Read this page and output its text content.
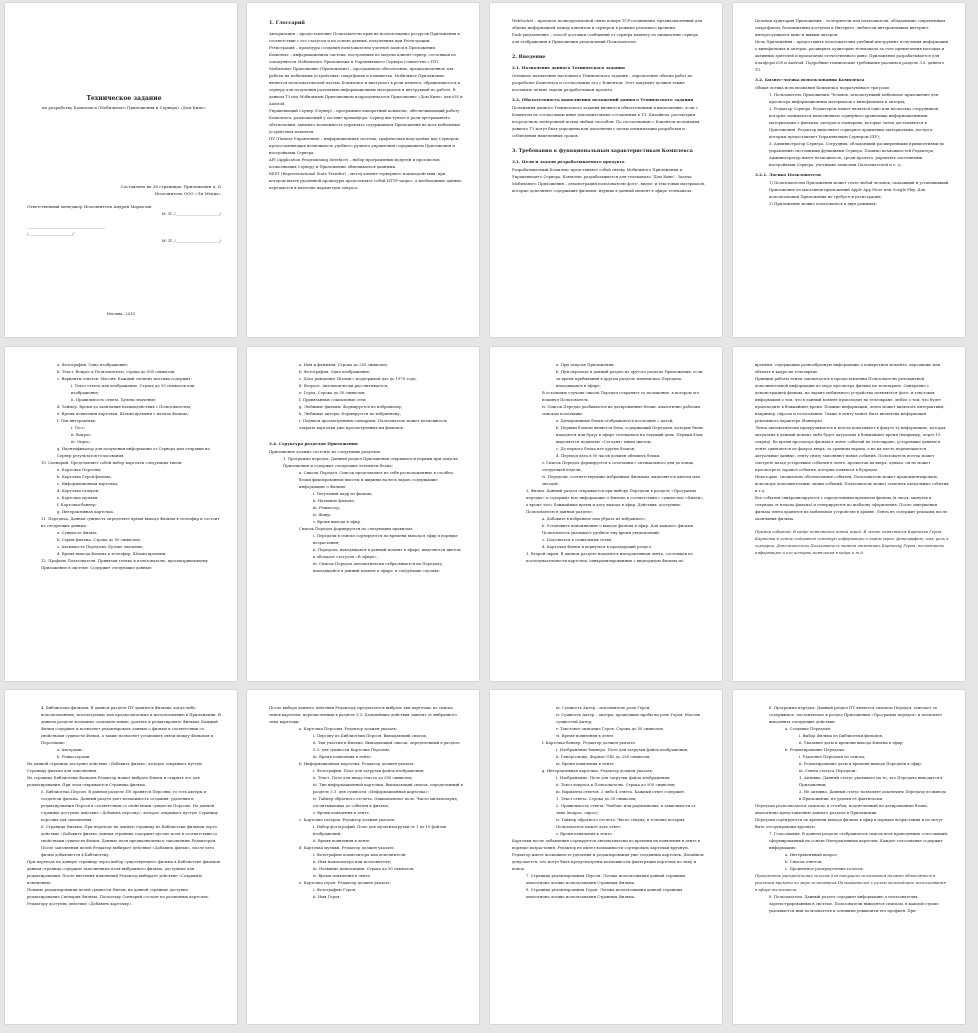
Техническое задание
на разработку Комплекса (Мобильного Приложения и Сервера) «Дом Кино»
Составлено на 38 страницах. Приложения А, Б
Исполнитель ООО «Ли Медиа»
Ответственный менеджер Исполнителя Андрей Маркелов
М. П. /______________________/
_______________________________________
/______________________/
М. П. /______________________/
Москва, 2015
1. Глоссарий
Авторизация – предоставление Пользователю прав на использование ресурсов Приложения в соответствии с его статусом и на основе данных, полученных при Регистрации.
Регистрация – процедура создания пользователем учетной записи в Приложении.
Комплекс – информационная система, построенная по модели клиент-сервер, состоящая из совокупности Мобильного Приложения и Управляющего Сервера (совместно с ПУ).
Мобильное Приложение (Приложение) – программное обеспечение, предназначенное для работы на мобильных устройствах: смартфонах и планшетах. Мобильное Приложение является пользовательской частью Комплекса и выступает в роли клиента, обращающегося к серверу для получения различных информационных материалов и инструкций по работе. В данном ТЗ под Мобильным Приложением подразумевается Приложение «Дом Кино» для iOS и Android.
Управляющий Сервер (Сервер) – программно-аппаратный комплекс, обеспечивающий работу Комплекса, размещаемый у хостинг-провайдера. Сервер выступает в роли программного обеспечения, дающего возможность управлять содержанием Приложения на всех мобильных устройствах клиентов.
ПУ (Панель Управления) – информационная система, графическая надстройка над Сервером, предоставляющая возможность удобного ручного управления содержанием Приложения и настройками Сервера.
API (Application Programming Interface) – набор программных модулей и протоколов, позволяющих Серверу и Приложению обмениваться данными.
REST (Representational State Transfer) – метод клиент-серверного взаимодействия, при котором вызов удаленной процедуры представляет собой HTTP-запрос, а необходимые данные передаются в качестве параметров запроса.
WebSocket – протокол полнодуплексной связи поверх TCP-соединения, предназначенный для обмена информацией между клиентом и сервером в режиме реального времени.
Push-уведомление – способ доставки сообщений от сервера клиенту по инициативе сервера для отображения в Приложении уведомлений Пользователю.
2. Введение
2.1. Назначение данного Технического задания
Основное назначение настоящего Технического задания – определение объема работ по разработке Комплекса и согласование его с Клиентом. Этот документ должен также поставить четкие задачи разработчикам проекта.
2.2. Обязательность выполнения положений данного Технического задания
Положения данного Технического задания являются обязательными к выполнению, если с Клиентом не согласованы иные дополнительные соглашения к ТЗ. Дизайном, рассмотрим посредством электронной почты любым способом. По согласованию с Клиентом положения данного ТЗ могут быть упрощены или дополнены с целью оптимизации разработки и соблюдения намеченных сроков.
3. Требования к функциональным характеристикам Комплекса
3.1. Цели и задачи разрабатываемого продукта
Разрабатываемый Комплекс представляет собой связку Мобильного Приложения и Управляющего Сервера. Комплекс разрабатывается для телеканала "Дом Кино". Задача Мобильного Приложения – демонстрация пользователю фото-, видео- и текстовых материалов, которые дополняют содержание фильмов, идущих в данный момент в эфире телеканала.
Целевая аудитория Приложения – телезрители или пользователи, обладающие современным смартфоном, безлимитным доступом в Интернет, любители интерактивных интернет, интересующиеся кино и живым актером.
Цель Приложения – предоставить пользователям удобный инструмент получения информации о кинофильмах и актерах, расширить аудиторию телеканала за счет привлечения молодых и активных зрителей и пропаганды отечественного кино. Приложение разрабатывается для платформ iOS и Android. Подробные технические требования указаны в разделе 3.8. данного ТЗ.
3.2. Бизнес-логика использования Комплекса
Общая логика использования Комплекса подразумевает три роли:
1. Пользователь Приложения. Человек, использующий мобильное приложение для просмотра информационных материалов о кинофильмах и актерах;
2. Редактор Сервера. Редактором может являться одно или несколько сотрудников, которые занимаются наполнением серверного хранилища информационными материалами о фильмах, актерах и сценариях, которые затем доставляются в Приложения. Редактор выполняет серверное хранилище материалами, доступ к которым предоставляет Управляющим Сервером (ПУ);
3. Администратор Сервера. Сотрудник, обладающий расширенными привилегиями по управлению системными функциями Сервера. Помимо возможностей Редактора, Администратор имеет возможность, среди прочего, управлять системными настройками Сервера, учетными записями Пользователей и т. д.;
3.2.1. Логика Пользователя
1) Пользователем Приложения может стать любой человек, скачавший и установивший Приложение из магазинов приложений Apple App Store или Google Play. Для использования Приложения не требуется регистрация;
2) Приложение можно пользоваться в двух режимах:
a. Фотография. Одно изображение;
b. Текст. Вопрос к Пользователю, строка до 500 символов;
c. Варианты ответов. Массив. Каждый элемент массива содержит:
i. Текст ответа или изображение. Строка до 50 символов или изображение;
ii. Правильность ответа. Булево значение;
d. Таймер. Время до окончания взаимодействия с Пользователем;
e. Время появления карточки. Штамп времени с начала Фильма;
f. Тип интерактива:
i. Тест;
ii. Вопрос;
iii. Опрос;
g. Идентификатор для получения информации от Сервера или отправки на Сервер результатов голосования.
10. Сценарий. Представляет собой набор карточек следующих типов:
a. Карточка Персоны;
b. Карточка Героя фильма;
c. Информационная карточка;
d. Карточка галереи;
e. Карточка музыки;
f. Карточка-баннер;
g. Интерактивная карточка.
11. Передача. Данная сущность определяет время выхода Фильма в телеэфир и состоит из следующих данных:
a. Сущность Фильм;
b. Серия фильма. Строка до 50 символов;
c. Активность Передачи. Булево значение;
d. Время выхода Фильма в телеэфир. Штамп времени.
12. Профиль Пользователя. Привязан только к пользователю, просматривающему Приложение в системе. Содержит следующие данные:
a. Имя и фамилия. Строка до 250 символов;
b. Фотография. Одно изображение;
c. Дата рождения. Штамп с поддержкой дат до 1970 года;
d. Возраст. Автоматически рассчитывается;
e. Город. Строка до 50 символов;
f. Привязанные социальные сети;
g. Любимые фильмы. Формируется по избранному;
h. Любимые актеры. Формируется по избранному;
i. Подписи просмотренных сценариев. Пользователь может возможность открыть карточки уже просмотренных им фильмов.
3.4. Структура разделов Приложения
Приложение должно состоять из следующих разделов:
1. Программа передач. Данный раздел Приложения открывается первым при запуске Приложения и содержит следующие элементы блока:
a. Список Передач. Список представляет из себя расположенные в столбец блоки фиксированной высоты и ширины на весь экран, содержащие информацию о Фильме:
i. Титульный кадр из фильма;
ii. Название фильма;
iii. Режиссер;
iv. Жанр;
v. Время выхода в эфир.
Список Передач формируется по следующим правилам:
i. Передачи в списке сортируются по времени выхода в эфир в порядке возрастания;
ii. Передача, находящаяся в данный момент в эфире, выделяется цветом и обладает статусом «В эфире»;
iii. Список Передач автоматически отбрасывается на Передачу, находящейся в данный момент в эфире, в следующих случаях:
a. При запуске Приложения;
b. При переходе в данный раздел из другого раздела Приложения, если за время пребывания в другом разделе изменилась Передача, находящаяся в эфире;
В остальных случаях список Передач сохраняет то положение, в котором его покинул Пользователь.
iv. Список Передач разбивается на датированные блоки, аналогично рабочим спискам коллекции:
a. Датированные блоки отображаются последние с датой;
b. Первым блоком является блок, содержащий Передачи, которые были, находятся или будут в эфире телеканала на текущий день. Первый блок выделяется подписью «Сегодня» иным цветом;
c. До первого блока нет других блоков;
d. Переход дата в 00 часов должен обновить блоки.
v. Список Передач формируется в сочетании с оптимального дня до конца следующей недели;
vi. Передачи, соответствующие избранным Фильмам, выделяются цветом или звездой.
2. Фильм. Данный раздел открывается при выборе Передачи в разделе «Программа передач» и содержит всю информацию о Фильме в соответствии с сущностью «Фильм», а кроме того, ближайшие время и дату выхода в эфир. Действия, доступные Пользователю в данном разделе:
a. Добавить в избранное или убрать из избранного;
b. Установить напоминание о выходе фильма в эфир. Для каждого фильма Пользователь указывает удобное ему время уведомлений;
c. Поделиться в социальных сетях;
d. Карточка Фильм и вернуться в предыдущий раздел.
3. Второй экран. В данном разделе находится интерактивная лента, состоящая из последовательности карточек, синхронизированных с видеорядом Фильма по
времени, содержащих разнообразную информацию о конкретном моменте, персонаже или объекте в кадре на телеэкране.
Принцип работы ленты заключается в предоставлении Пользователю релевантной дополнительной информации по мере просмотра фильма на телеэкране. Синхронно с демонстрацией фильма, на экране мобильного устройства появляется фото- и текстовая информация о том, что в данный момент происходит на телеэкране, любое о том, что будет происходить в ближайшее время. Помимо информации, лента может включать интерактивы, например, опросы и голосования. Также в ленту может быть включена информация рекламного характера (баннеры).
Лента автоматически прокручивается и всегда показывает в фокусе ту информацию, которая актуальна в данный момент либо будет актуальна в ближайшее время (например, через 10 секунд). Во время просмотра фильма в ленте событий на телеэкране, устаревшие данные в ленте сдвигаются из фокуса вверх, за границы экрана, а на их место перемещаются актуальные данные, ленту снизу заполняют новые события. Пользователь всегда может смотреть назад устаревшие события в ленте, пролистав их вверх, однако, он не может просмотреть заранее события, которые появятся в будущем.
Некоторые, специально обозначенные события, Пользователь может прокомментировать, используя дополнительные опции событий. Пользователь может отметить актуальные события и т.д.
Все события синхронизируются с определенным временем фильма (в часах, минутах и секундах от начала фильма) и генерируются по шаблону оформления. После завершения фильма лента хранится на мобильном устройстве в архиве. Лента не содержит рекламы после окончания фильма.
Пример событий. В кадре появляется новый герой. В ленте появляется Карточка Героя. Карточка в ленте содержит основную информацию о новом герое: фотографию, имя, роль в сценарии. Дополнительно Пользователь может отметить Карточку Героя, посмотреть информацию о его истории появления в кадре и т.д.
4. Библиотека фильмов. В данном разделе ПУ хранятся Фильмы, когда-либо использованные, используемые или предполагаемые к использованию в Приложении. В данном разделе возможно создавать новые, удалять и редактировать Фильмы. Каждый Фильм содержит и позволяет редактировать данные о фильме в соответствии со свойствами сущности Фильм, а также позволяет установить связи между Фильмом и Персонами:
a. Актерами;
b. Режиссерами.
На данной странице доступно действие «Добавить фильм», которое открывает пустую Страницу фильма для заполнения.
На странице Библиотеки Фильмов Редактор может выбрать Фильм и открыть его для редактирования. При этом открывается Страница фильма.
5. Библиотека Персон. В данном разделе ПУ хранятся Персоны, то есть актеры и создатели фильма. Данный раздел дает возможность создания, удаления и редактирования Персон в соответствии со свойствами сущности Персона. На данной странице доступно действие «Добавить персону», которое открывает пустую Страницу персоны для заполнения.
6. Страница Фильма. При переходе на данную страницу из Библиотеки фильмов через действие «Добавить фильм» данная страница содержит пустые поля в соответствии со свойствами сущности Фильм. Данные поля предназначены к заполнению Редактором. После заполнения полей Редактор выбирает действие «Добавить фильм», после чего фильм добавляется в Библиотеку.
При переходе на данную страницу через выбор существующего фильма в Библиотеке фильмов данная страница содержит заполненные поля выбранного фильма, доступные для редактирования. После внесения изменений Редактор выбирает действие «Сохранить изменения».
Помимо редактирования полей сущности Фильм, на данной странице доступно редактирование Сценария Фильма. Поскольку Сценарий состоит из различных карточек, Редактору доступно действие «Добавить карточку».
После выбора данного действия Редактору предлагается выбрать тип карточки, из списка типов карточек, перечисленных в разделе 3.3. Дальнейшие действия зависят от выбранного типа карточки:
a. Карточка Персоны. Редактор должен указать:
i. Персону из Библиотеки Персон. Выпадающий список;
ii. Тип участия в Фильме. Выпадающий список, определенный в разделе 3.3. для сущности Карточка Персоны;
iii. Время появления в ленте.
b. Информационная карточка. Редактор должен указать:
i. Фотография. Поле для загрузки файла изображения;
ii. Текст. Поле для ввода текста до 500 символов;
iii. Тип информационной карточки. Выпадающий список, определенный в разделе 3.3. для сущности «Информационная карточка»;
iv. Таймер обратного отсчета. Опциональное поле. Число миллисекунд, отсчитываемых до события в фильме;
v. Время появления в ленте.
c. Карточка галереи. Редактор должен указать:
i. Набор фотографий. Поле для мультизагрузки от 1 до 10 файлов изображений;
ii. Время появления в ленте.
d. Карточка музыки. Редактор должен указать:
i. Фотографию композитора или исполнителя;
ii. Имя композитора или исполнителя;
iii. Название композиции. Строка до 50 символов;
iv. Время появления в ленте.
e. Карточка героя. Редактор должен указать:
i. Фотографию Героя;
ii. Имя Героя;
iii. Сущность Актер – исполнитель роли Героя;
iv. Сущность Актер – актеры, прошедшие пробы на роль Героя. Массив сущностей Актер;
v. Текстовое описание Героя. Строка до 50 символов;
vi. Время появления в ленте.
f. Карточка-баннер. Редактор должен указать:
i. Изображение баннера. Поле для загрузки файла изображения;
ii. Гиперссылку. Формат URL до 250 символов;
iii. Время появления в ленте.
g. Интерактивная карточка. Редактор должен указать:
i. Изображение. Поле для загрузки файла изображения;
ii. Текст вопроса к Пользователю. Строка до 500 символов;
iii. Варианты ответов. 2 либо 4 ответа. Каждый ответ содержит:
1. Текст ответа. Строка до 50 символов;
2. Правильность ответа. Чекбокс или радиокнопка, в зависимости от типа (вопрос, опрос);
iv. Таймер обратного отсчета. Число секунд, в течение которых Пользователь может дать ответ;
v. Время появления в ленте.
Карточки после добавления сортируются автоматически по времени их появления в ленте в порядке возрастания. Редактор не имеет возможности сортировать карточки вручную. Редактор имеет возможность удаления и редактирования уже созданных карточек. Дизайном допускается, что могут быть предусмотрены возможности фильтрации карточек по типу и поиск.
7. Страница редактирования Персон. Логика использования данной страницы аналогична логике использования Страницы Фильма.
8. Страница редактирования Героя. Логика использования данной страницы аналогична логике использования Страницы Фильма.
6. Программа передач. Данный раздел ПУ является списком Передач, отвечает за содержимое, поставляемое в раздел Приложения «Программа передач» и позволяет выполнить следующие действия:
a. Создание Передачи:
i. Выбор Фильма из Библиотеки фильмов;
ii. Указание даты и времени выхода Фильма в эфир;
b. Редактирование Передачи:
i. Удаление Передачи из списка;
ii. Редактирование даты и времени выхода Передачи в эфир;
iii. Смена статуса Передачи:
1. Активна. Данный статус указывает на то, что Передача выводится в Приложении;
2. Не активна. Данный статус позволяет исключить Передачу из вывода в Приложении, не удаляя её фактически.
Передачи располагаются списком, в столбец, подсвеченный на датированные блоки, аналогично представлению данного раздела в Приложении.
Передачи сортируются по времени выхода фильма в эфир в порядке возрастания и не могут быть отсортированы вручную.
7. Голосования. В данном разделе отображается список всех проведенных голосований, сформированный на основе Интерактивных карточек. Каждое голосование содержит информацию:
a. Интерактивный вопрос;
b. Список ответов;
c. Процентное распределение голосов.
Процентное распределение голосов для текущего голосования должно обновляться в реальном времени по мере голосования Пользователей с целью дальнейшего использования в эфире телеканала.
8. Пользователи. Данный раздел содержит информацию о пользователях, зарегистрированных в системе. Пользователи выводятся списком, в каждой строке указывается имя пользователя и основные реквизиты его профиля. При
